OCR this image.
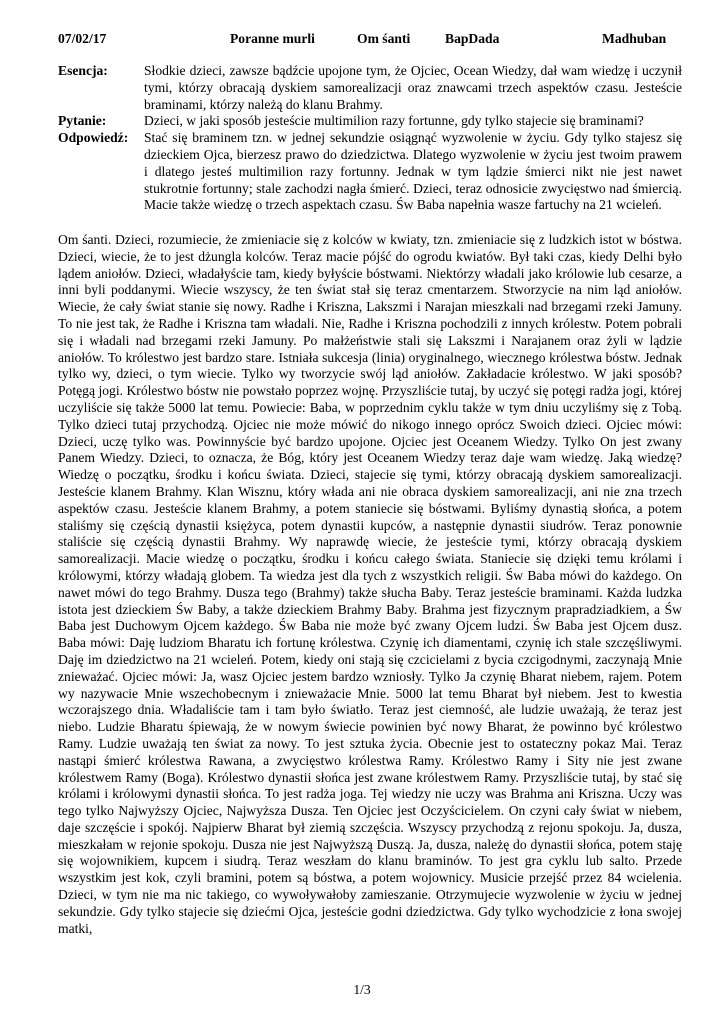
07/02/17	Poranne murli	Om śanti	BapDada	Madhuban
Esencja:	Słodkie dzieci, zawsze bądźcie upojone tym, że Ojciec, Ocean Wiedzy, dał wam wiedzę i uczynił tymi, którzy obracają dyskiem samorealizacji oraz znawcami trzech aspektów czasu. Jesteście braminami, którzy należą do klanu Brahmy.
Pytanie:	Dzieci, w jaki sposób jesteście multimilion razy fortunne, gdy tylko stajecie się braminami?
Odpowiedź:	Stać się braminem tzn. w jednej sekundzie osiągnąć wyzwolenie w życiu. Gdy tylko stajesz się dzieckiem Ojca, bierzesz prawo do dziedzictwa. Dlatego wyzwolenie w życiu jest twoim prawem i dlatego jesteś multimilion razy fortunny. Jednak w tym lądzie śmierci nikt nie jest nawet stukrotnie fortunny; stale zachodzi nagła śmierć. Dzieci, teraz odnosicie zwycięstwo nad śmiercią. Macie także wiedzę o trzech aspektach czasu. Św Baba napełnia wasze fartuchy na 21 wcieleń.
Om śanti. Dzieci, rozumiecie, że zmieniacie się z kolców w kwiaty, tzn. zmieniacie się z ludzkich istot w bóstwa. Dzieci, wiecie, że to jest dżungla kolców. Teraz macie pójść do ogrodu kwiatów. Był taki czas, kiedy Delhi było lądem aniołów. Dzieci, władałyście tam, kiedy byłyście bóstwami. Niektórzy władali jako królowie lub cesarze, a inni byli poddanymi. Wiecie wszyscy, że ten świat stał się teraz cmentarzem. Stworzycie na nim ląd aniołów. Wiecie, że cały świat stanie się nowy. Radhe i Kriszna, Lakszmi i Narajan mieszkali nad brzegami rzeki Jamuny. To nie jest tak, że Radhe i Kriszna tam władali. Nie, Radhe i Kriszna pochodzili z innych królestw. Potem pobrali się i władali nad brzegami rzeki Jamuny. Po małżeństwie stali się Lakszmi i Narajanem oraz żyli w lądzie aniołów. To królestwo jest bardzo stare. Istniała sukcesja (linia) oryginalnego, wiecznego królestwa bóstw. Jednak tylko wy, dzieci, o tym wiecie. Tylko wy tworzycie swój ląd aniołów. Zakładacie królestwo. W jaki sposób? Potęgą jogi. Królestwo bóstw nie powstało poprzez wojnę. Przyszliście tutaj, by uczyć się potęgi radża jogi, której uczyliście się także 5000 lat temu. Powiecie: Baba, w poprzednim cyklu także w tym dniu uczyliśmy się z Tobą. Tylko dzieci tutaj przychodzą. Ojciec nie może mówić do nikogo innego oprócz Swoich dzieci. Ojciec mówi: Dzieci, uczę tylko was. Powinnyście być bardzo upojone. Ojciec jest Oceanem Wiedzy. Tylko On jest zwany Panem Wiedzy. Dzieci, to oznacza, że Bóg, który jest Oceanem Wiedzy teraz daje wam wiedzę. Jaką wiedzę? Wiedzę o początku, środku i końcu świata. Dzieci, stajecie się tymi, którzy obracają dyskiem samorealizacji. Jesteście klanem Brahmy. Klan Wisznu, który włada ani nie obraca dyskiem samorealizacji, ani nie zna trzech aspektów czasu. Jesteście klanem Brahmy, a potem staniecie się bóstwami. Byliśmy dynastią słońca, a potem staliśmy się częścią dynastii księżyca, potem dynastii kupców, a następnie dynastii siudrów. Teraz ponownie staliście się częścią dynastii Brahmy. Wy naprawdę wiecie, że jesteście tymi, którzy obracają dyskiem samorealizacji. Macie wiedzę o początku, środku i końcu całego świata. Staniecie się dzięki temu królami i królowymi, którzy władają globem. Ta wiedza jest dla tych z wszystkich religii. Św Baba mówi do każdego. On nawet mówi do tego Brahmy. Dusza tego (Brahmy) także słucha Baby. Teraz jesteście braminami. Każda ludzka istota jest dzieckiem Św Baby, a także dzieckiem Brahmy Baby. Brahma jest fizycznym prapradziadkiem, a Św Baba jest Duchowym Ojcem każdego. Św Baba nie może być zwany Ojcem ludzi. Św Baba jest Ojcem dusz. Baba mówi: Daję ludziom Bharatu ich fortunę królestwa. Czynię ich diamentami, czynię ich stale szczęśliwymi. Daję im dziedzictwo na 21 wcieleń. Potem, kiedy oni stają się czcicielami z bycia czcigodnymi, zaczynają Mnie znieważać. Ojciec mówi: Ja, wasz Ojciec jestem bardzo wzniosły. Tylko Ja czynię Bharat niebem, rajem. Potem wy nazywacie Mnie wszechobecnym i znieważacie Mnie. 5000 lat temu Bharat był niebem. Jest to kwestia wczorajszego dnia. Władaliście tam i tam było światło. Teraz jest ciemność, ale ludzie uważają, że teraz jest niebo. Ludzie Bharatu śpiewają, że w nowym świecie powinien być nowy Bharat, że powinno być królestwo Ramy. Ludzie uważają ten świat za nowy. To jest sztuka życia. Obecnie jest to ostateczny pokaz Mai. Teraz nastąpi śmierć królestwa Rawana, a zwycięstwo królestwa Ramy. Królestwo Ramy i Sity nie jest zwane królestwem Ramy (Boga). Królestwo dynastii słońca jest zwane królestwem Ramy. Przyszliście tutaj, by stać się królami i królowymi dynastii słońca. To jest radża joga. Tej wiedzy nie uczy was Brahma ani Kriszna. Uczy was tego tylko Najwyższy Ojciec, Najwyższa Dusza. Ten Ojciec jest Oczyścicielem. On czyni cały świat w niebem, daje szczęście i spokój. Najpierw Bharat był ziemią szczęścia. Wszyscy przychodzą z rejonu spokoju. Ja, dusza, mieszkałam w rejonie spokoju. Dusza nie jest Najwyższą Duszą. Ja, dusza, należę do dynastii słońca, potem staję się wojownikiem, kupcem i siudrą. Teraz weszłam do klanu braminów. To jest gra cyklu lub salto. Przede wszystkim jest kok, czyli bramini, potem są bóstwa, a potem wojownicy. Musicie przejść przez 84 wcielenia. Dzieci, w tym nie ma nic takiego, co wywoływałoby zamieszanie. Otrzymujecie wyzwolenie w życiu w jednej sekundzie. Gdy tylko stajecie się dziećmi Ojca, jesteście godni dziedzictwa. Gdy tylko wychodzicie z łona swojej matki,
1/3
